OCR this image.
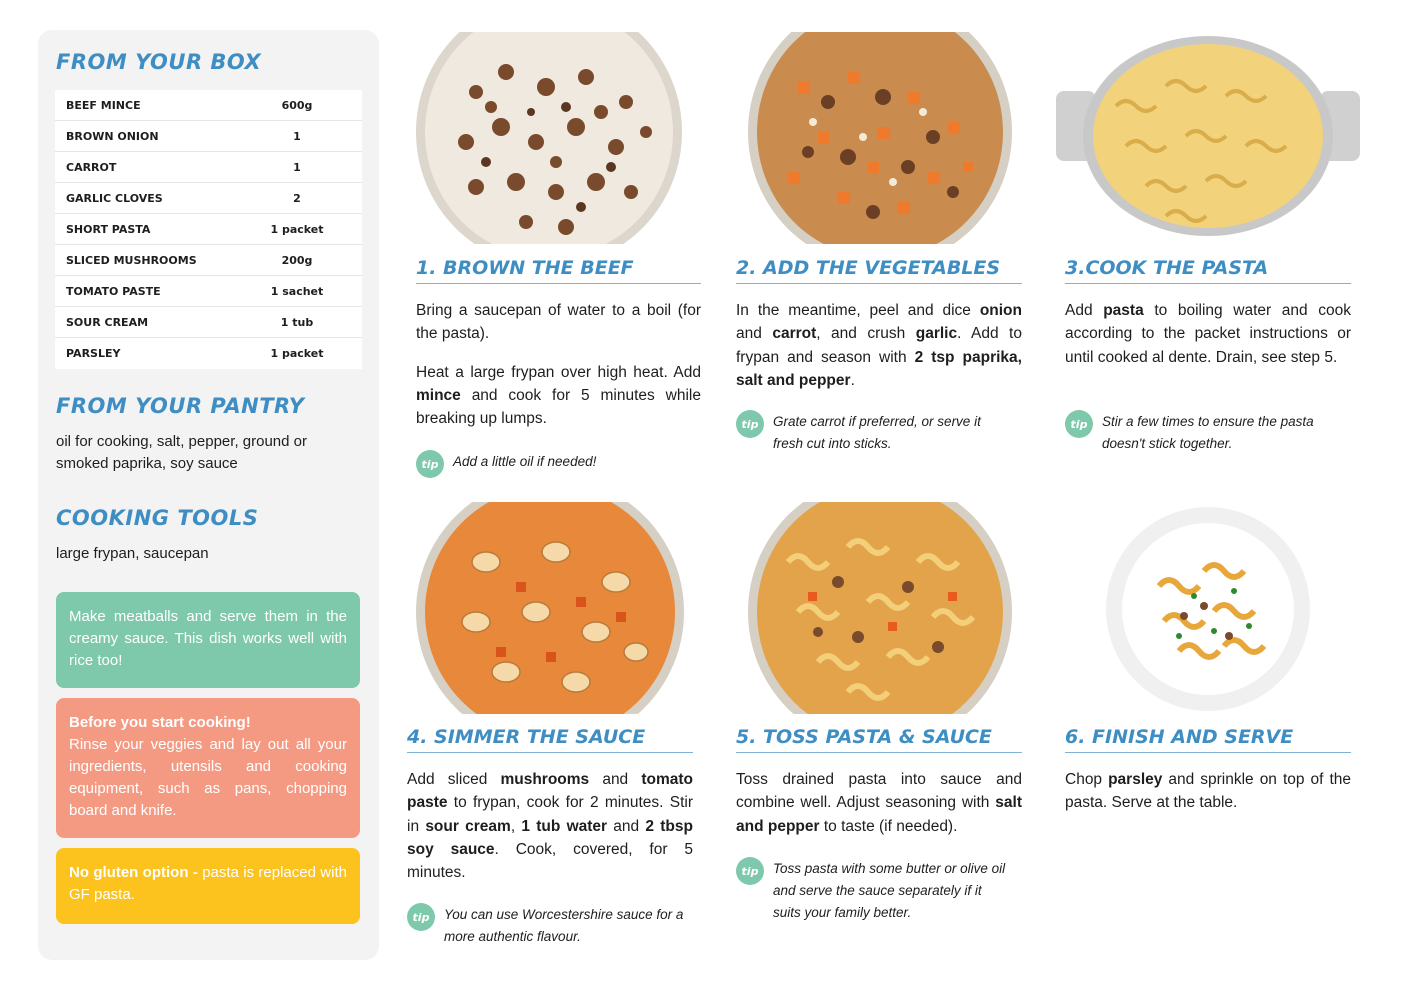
FROM YOUR BOX
BEEF MINCE	600g
BROWN ONION	1
CARROT	1
GARLIC CLOVES	2
SHORT PASTA	1 packet
SLICED MUSHROOMS	200g
TOMATO PASTE	1 sachet
SOUR CREAM	1 tub
PARSLEY	1 packet
FROM YOUR PANTRY
oil for cooking, salt, pepper, ground or smoked paprika, soy sauce
COOKING TOOLS
large frypan, saucepan
Make meatballs and serve them in the creamy sauce. This dish works well with rice too!
Before you start cooking!
Rinse your veggies and lay out all your ingredients, utensils and cooking equipment, such as pans, chopping board and knife.
No gluten option - pasta is replaced with GF pasta.
1. BROWN THE BEEF

Bring a saucepan of water to a boil (for the pasta).

Heat a large frypan over high heat. Add mince and cook for 5 minutes while breaking up lumps.

tip	Add a little oil if needed!
2. ADD THE VEGETABLES

In the meantime, peel and dice onion and carrot, and crush garlic. Add to frypan and season with 2 tsp paprika, salt and pepper.

tip	Grate carrot if preferred, or serve it fresh cut into sticks.
3.COOK THE PASTA

Add pasta to boiling water and cook according to the packet instructions or until cooked al dente. Drain, see step 5.

tip	Stir a few times to ensure the pasta doesn't stick together.
4. SIMMER THE SAUCE

Add sliced mushrooms and tomato paste to frypan, cook for 2 minutes. Stir in sour cream, 1 tub water and 2 tbsp soy sauce. Cook, covered, for 5 minutes.

tip	You can use Worcestershire sauce for a more authentic flavour.
5. TOSS PASTA & SAUCE

Toss drained pasta into sauce and combine well. Adjust seasoning with salt and pepper to taste (if needed).

tip	Toss pasta with some butter or olive oil and serve the sauce separately if it suits your family better.
6. FINISH AND SERVE

Chop parsley and sprinkle on top of the pasta. Serve at the table.
